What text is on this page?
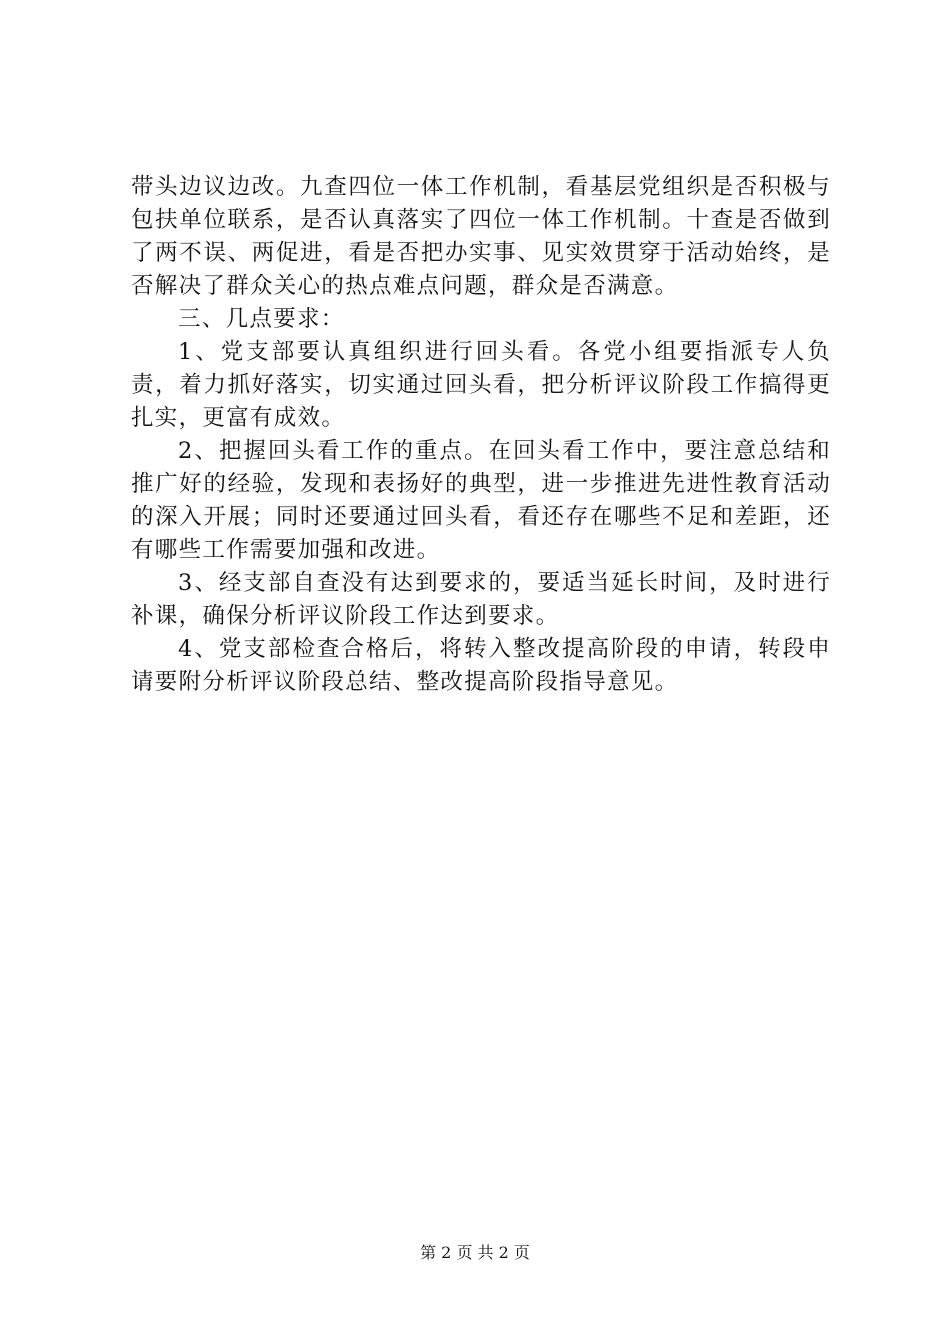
带头边议边改。九查四位一体工作机制，看基层党组织是否积极与包扶单位联系，是否认真落实了四位一体工作机制。十查是否做到了两不误、两促进，看是否把办实事、见实效贯穿于活动始终，是否解决了群众关心的热点难点问题，群众是否满意。

三、几点要求：

1、党支部要认真组织进行回头看。各党小组要指派专人负责，着力抓好落实，切实通过回头看，把分析评议阶段工作搞得更扎实，更富有成效。

2、把握回头看工作的重点。在回头看工作中，要注意总结和推广好的经验，发现和表扬好的典型，进一步推进先进性教育活动的深入开展；同时还要通过回头看，看还存在哪些不足和差距，还有哪些工作需要加强和改进。

3、经支部自查没有达到要求的，要适当延长时间，及时进行补课，确保分析评议阶段工作达到要求。

4、党支部检查合格后，将转入整改提高阶段的申请，转段申请要附分析评议阶段总结、整改提高阶段指导意见。

第 2 页 共 2 页
